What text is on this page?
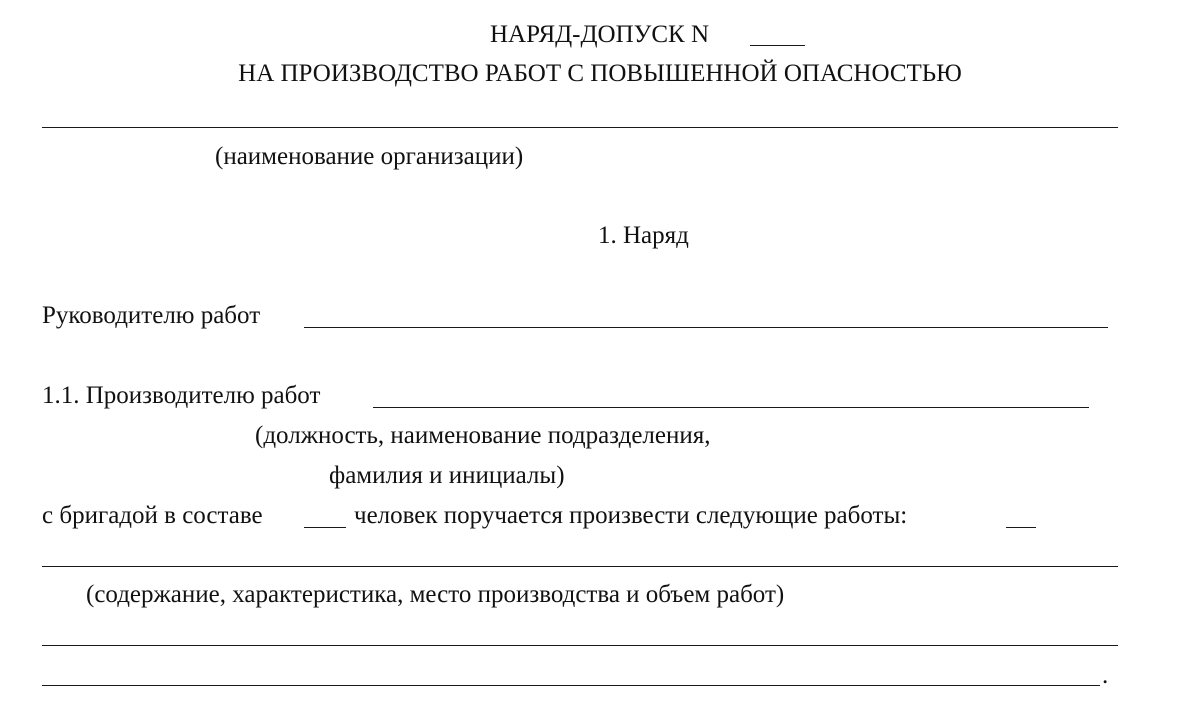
НАРЯД-ДОПУСК N
НА ПРОИЗВОДСТВО РАБОТ С ПОВЫШЕННОЙ ОПАСНОСТЬЮ
(наименование организации)
1. Наряд
Руководителю работ
1.1. Производителю работ
(должность, наименование подразделения,
фамилия и инициалы)
с бригадой в составе	человек поручается произвести следующие работы:
(содержание, характеристика, место производства и объем работ)
.
